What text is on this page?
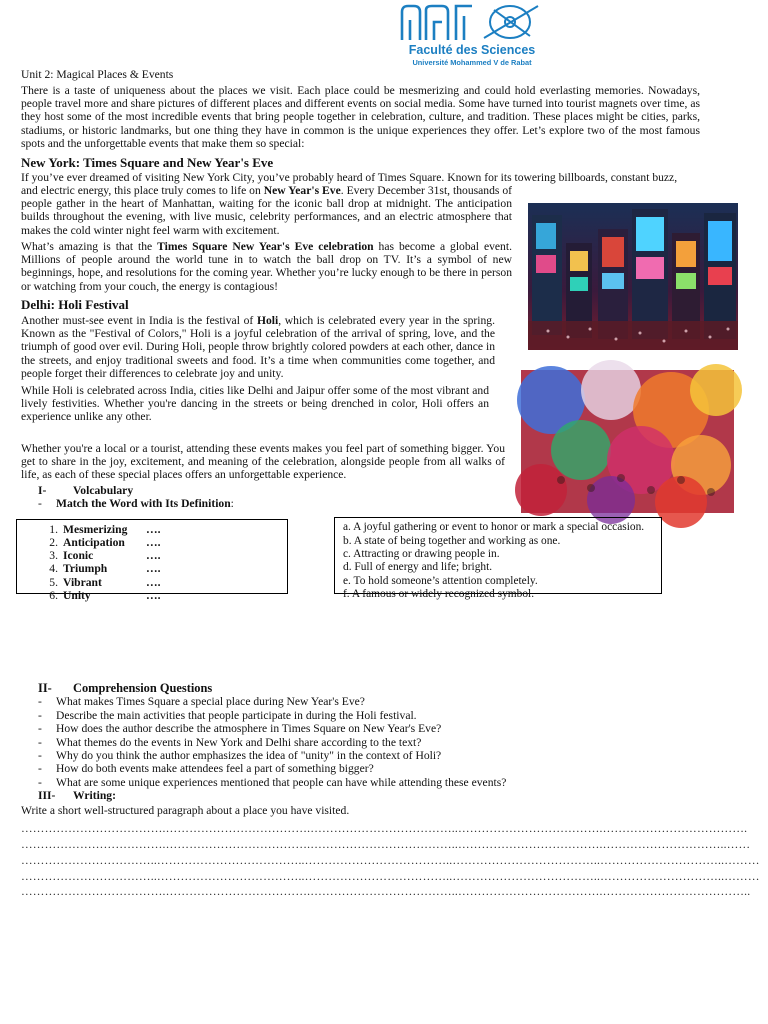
Faculté des Sciences
Université Mohammed V de Rabat
Unit 2: Magical Places & Events

There is a taste of uniqueness about the places we visit. Each place could be mesmerizing and could hold everlasting memories. Nowadays, people travel more and share pictures of different places and different events on social media. Some have turned into tourist magnets over time, as they host some of the most incredible events that bring people together in celebration, culture, and tradition. These places might be cities, parks, stadiums, or historic landmarks, but one thing they have in common is the unique experiences they offer. Let’s explore two of the most famous spots and the unforgettable events that make them so special:

New York: Times Square and New Year's Eve

If you’ve ever dreamed of visiting New York City, you’ve probably heard of Times Square. Known for its towering billboards, constant buzz,

and electric energy, this place truly comes to life on New Year's Eve. Every December 31st, thousands of people gather in the heart of Manhattan, waiting for the iconic ball drop at midnight. The anticipation builds throughout the evening, with live music, celebrity performances, and an electric atmosphere that makes the cold winter night feel warm with excitement.

What’s amazing is that the Times Square New Year's Eve celebration has become a global event. Millions of people around the world tune in to watch the ball drop on TV. It’s a symbol of new beginnings, hope, and resolutions for the coming year. Whether you’re lucky enough to be there in person or watching from your couch, the energy is contagious!

Delhi: Holi Festival

Another must-see event in India is the festival of Holi, which is celebrated every year in the spring. Known as the "Festival of Colors," Holi is a joyful celebration of the arrival of spring, love, and the triumph of good over evil. During Holi, people throw brightly colored powders at each other, dance in the streets, and enjoy traditional sweets and food. It’s a time when communities come together, and people forget their differences to celebrate joy and unity.

While Holi is celebrated across India, cities like Delhi and Jaipur offer some of the most vibrant and lively festivities. Whether you're dancing in the streets or being drenched in color, Holi offers an experience unlike any other.

Whether you're a local or a tourist, attending these events makes you feel part of something bigger. You get to share in the joy, excitement, and meaning of the celebration, alongside people from all walks of life, as each of these special places offers an unforgettable experience.

I- Volcabulary
- Match the Word with Its Definition:
1. Mesmerizing ….
2. Anticipation ….
3. Iconic	….
4. Triumph	….
5. Vibrant	….
6. Unity	….
a. A joyful gathering or event to honor or mark a special occasion.
b. A state of being together and working as one.
c. Attracting or drawing people in.
d. Full of energy and life; bright.
e. To hold someone’s attention completely.
f. A famous or widely recognized symbol.
II- Comprehension Questions
- What makes Times Square a special place during New Year's Eve?
- Describe the main activities that people participate in during the Holi festival.
- How does the author describe the atmosphere in Times Square on New Year's Eve?
- What themes do the events in New York and Delhi share according to the text?
- Why do you think the author emphasizes the idea of "unity" in the context of Holi?
- How do both events make attendees feel a part of something bigger?
- What are some unique experiences mentioned that people can have while attending these events?
III- Writing:
Write a short well-structured paragraph about a place you have visited.
……………………………….……………………………….………………………………..……………………………….……………………………….
……………………………….……………………………….………………………………..……………………………….…………………………..……
……………………………..………………………………..………………………………..………………………………..…………………………..………
……………………………..………………………………..………………………………..………………………………..…………………………..………
……………………………….……………………………….………………………………..……………………………….………………………………..
